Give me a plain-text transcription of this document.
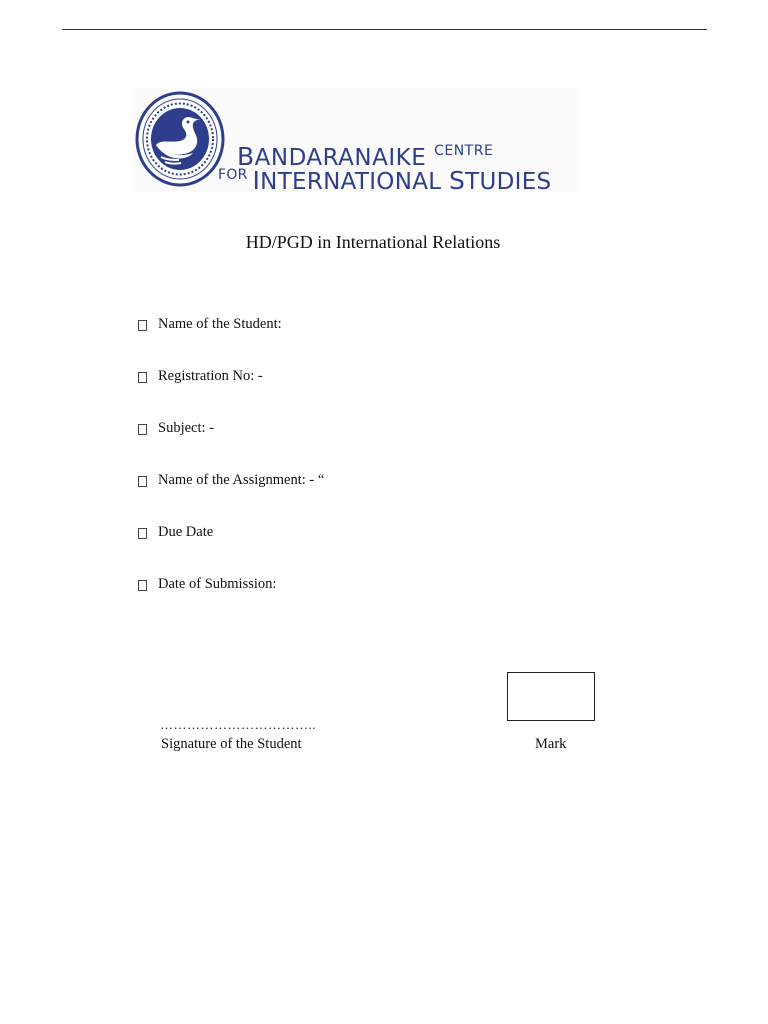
BANDARANAIKE $^{CENTRE}$
$^{FOR}$ INTERNATIONAL STUDIES
HD/PGD in International Relations
Name of the Student:
Registration No: -
Subject: -
Name of the Assignment: - “
Due Date
Date of Submission:
……………………………..
Signature of the Student	Mark
